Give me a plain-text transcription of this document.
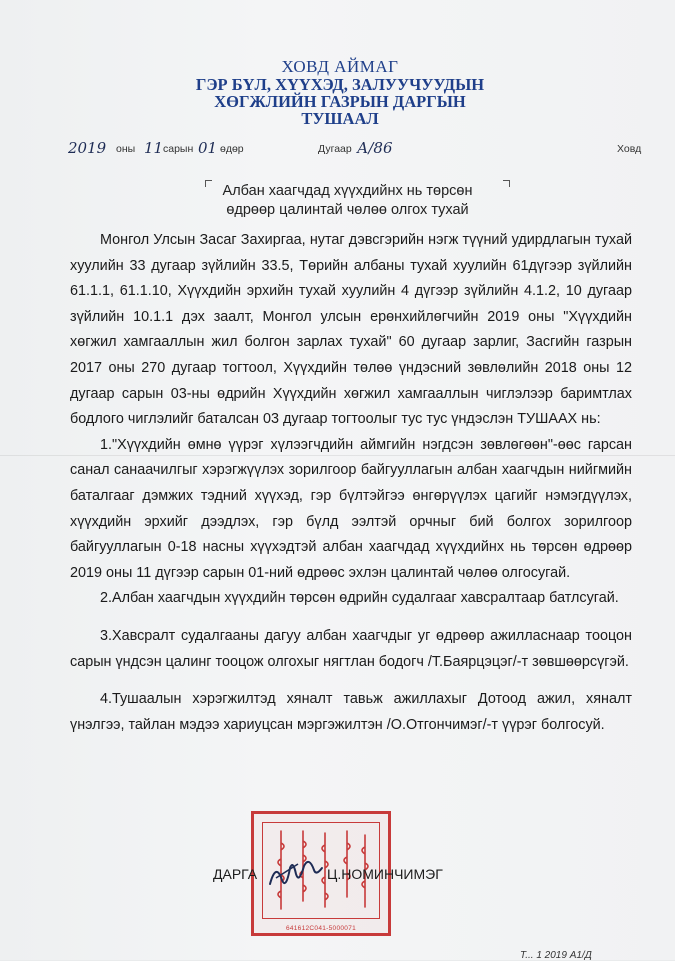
ХОВД АЙМАГ
ГЭР БҮЛ, ХҮҮХЭД, ЗАЛУУЧУУДЫН
ХӨГЖЛИЙН ГАЗРЫН ДАРГЫН
ТУШААЛ
2019 оны 11 сарын 01 өдөр	Дугаар А/86	Ховд
Албан хаагчдад хүүхдийнх нь төрсөн
өдрөөр цалинтай чөлөө олгох тухай

Монгол Улсын Засаг Захиргаа, нутаг дэвсгэрийн нэгж түүний удирдлагын тухай хуулийн 33 дугаар зүйлийн 33.5, Төрийн албаны тухай хуулийн 61дүгээр зүйлийн 61.1.1, 61.1.10, Хүүхдийн эрхийн тухай хуулийн 4 дүгээр зүйлийн 4.1.2, 10 дугаар зүйлийн 10.1.1 дэх заалт, Монгол улсын ерөнхийлөгчийн 2019 оны "Хүүхдийн хөгжил хамгааллын жил болгон зарлах тухай" 60 дугаар зарлиг, Засгийн газрын 2017 оны 270 дугаар тогтоол, Хүүхдийн төлөө үндэсний зөвлөлийн 2018 оны 12 дугаар сарын 03-ны өдрийн Хүүхдийн хөгжил хамгааллын чиглэлээр баримтлах бодлого чиглэлийг баталсан 03 дугаар тогтоолыг тус тус үндэслэн ТУШААХ нь:

1."Хүүхдийн өмнө үүрэг хүлээгчдийн аймгийн нэгдсэн зөвлөгөөн"-өөс гарсан санал санаачилгыг хэрэгжүүлэх зорилгоор байгууллагын албан хаагчдын нийгмийн баталгааг дэмжих тэдний хүүхэд, гэр бүлтэйгээ өнгөрүүлэх цагийг нэмэгдүүлэх, хүүхдийн эрхийг дээдлэх, гэр бүлд ээлтэй орчныг бий болгох зорилгоор байгууллагын 0-18 насны хүүхэдтэй албан хаагчдад хүүхдийнх нь төрсөн өдрөөр 2019 оны 11 дүгээр сарын 01-ний өдрөөс эхлэн цалинтай чөлөө олгосугай.

2.Албан хаагчдын хүүхдийн төрсөн өдрийн судалгааг хавсралтаар батлсугай.

3.Хавсралт судалгааны дагуу албан хаагчдыг уг өдрөөр ажилласнаар тооцон сарын үндсэн цалинг тооцож олгохыг нягтлан бодогч /Т.Баярцэцэг/-т зөвшөөрсүгэй.

4.Тушаалын хэрэгжилтэд хяналт тавьж ажиллахыг Дотоод ажил, хяналт үнэлгээ, тайлан мэдээ хариуцсан мэргэжилтэн /О.Отгончимэг/-т үүрэг болгосуй.

641612С041-5000071
ДАРГА	Ц.НОМИНЧИМЭГ
Т... 1 2019 А1/Д
